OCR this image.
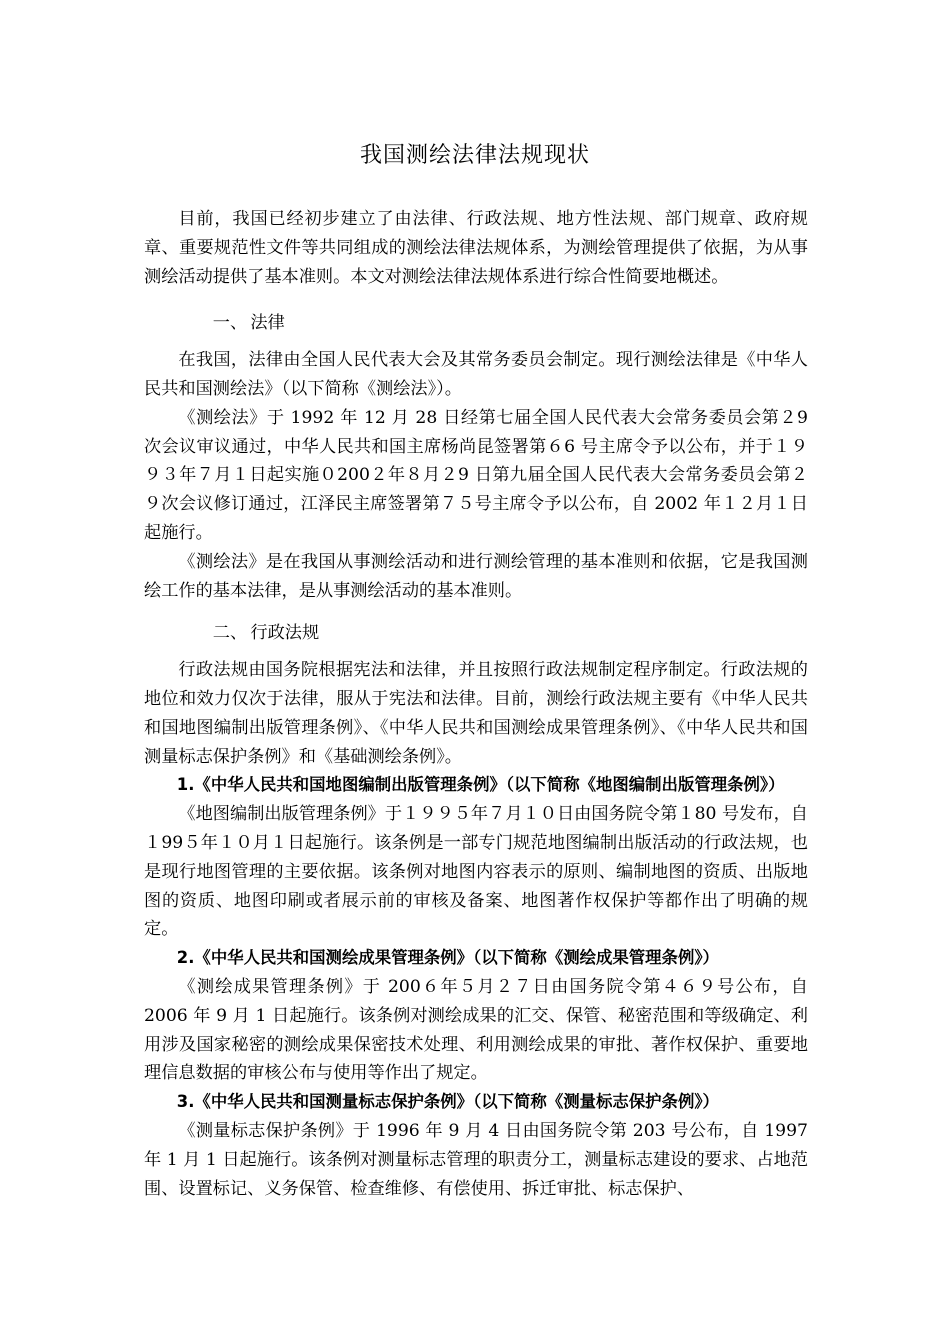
我国测绘法律法规现状

目前，我国已经初步建立了由法律、行政法规、地方性法规、部门规章、政府规章、重要规范性文件等共同组成的测绘法律法规体系，为测绘管理提供了依据，为从事测绘活动提供了基本准则。本文对测绘法律法规体系进行综合性简要地概述。

一、 法律

在我国，法律由全国人民代表大会及其常务委员会制定。现行测绘法律是《中华人民共和国测绘法》（以下简称《测绘法》）。

《测绘法》于 1992 年 12 月 28 日经第七届全国人民代表大会常务委员会第２9 次会议审议通过，中华人民共和国主席杨尚昆签署第６6 号主席令予以公布，并于１９９３年７月１日起实施０200２年８月２9 日第九届全国人民代表大会常务委员会第２９次会议修订通过，江泽民主席签署第７５号主席令予以公布，自 2002 年１２月１日起施行。

《测绘法》是在我国从事测绘活动和进行测绘管理的基本准则和依据，它是我国测绘工作的基本法律，是从事测绘活动的基本准则。

二、 行政法规

行政法规由国务院根据宪法和法律，并且按照行政法规制定程序制定。行政法规的地位和效力仅次于法律，服从于宪法和法律。目前，测绘行政法规主要有《中华人民共和国地图编制出版管理条例》、《中华人民共和国测绘成果管理条例》、《中华人民共和国测量标志保护条例》和《基础测绘条例》。

1.《中华人民共和国地图编制出版管理条例》（以下简称《地图编制出版管理条例》）

《地图编制出版管理条例》于１９９５年７月１０日由国务院令第１80 号发布，自１99５年１０月１日起施行。该条例是一部专门规范地图编制出版活动的行政法规，也是现行地图管理的主要依据。该条例对地图内容表示的原则、编制地图的资质、出版地图的资质、地图印刷或者展示前的审核及备案、地图著作权保护等都作出了明确的规定。

2.《中华人民共和国测绘成果管理条例》（以下简称《测绘成果管理条例》）

《测绘成果管理条例》于 200６年５月２７日由国务院令第４６９号公布，自 2006 年 9 月 1 日起施行。该条例对测绘成果的汇交、保管、秘密范围和等级确定、利用涉及国家秘密的测绘成果保密技术处理、利用测绘成果的审批、著作权保护、重要地理信息数据的审核公布与使用等作出了规定。

3.《中华人民共和国测量标志保护条例》（以下简称《测量标志保护条例》）

《测量标志保护条例》于 1996 年 9 月 4 日由国务院令第 203 号公布，自 1997 年 1 月 1 日起施行。该条例对测量标志管理的职责分工，测量标志建设的要求、占地范围、设置标记、义务保管、检查维修、有偿使用、拆迁审批、标志保护、
